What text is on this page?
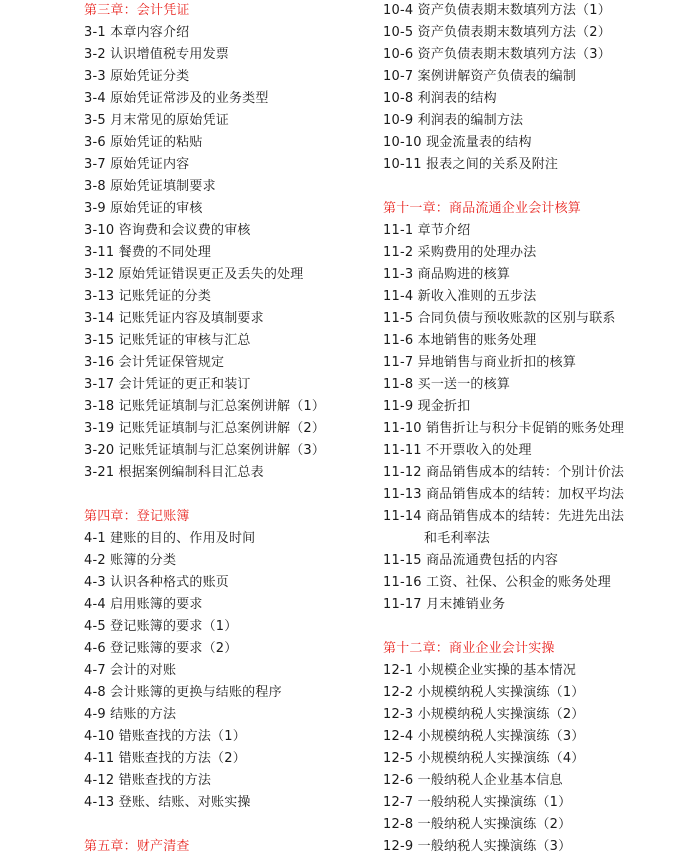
第三章：会计凭证
3-1 本章内容介绍
3-2 认识增值税专用发票
3-3 原始凭证分类
3-4 原始凭证常涉及的业务类型
3-5 月末常见的原始凭证
3-6 原始凭证的粘贴
3-7 原始凭证内容
3-8 原始凭证填制要求
3-9 原始凭证的审核
3-10 咨询费和会议费的审核
3-11 餐费的不同处理
3-12 原始凭证错误更正及丢失的处理
3-13 记账凭证的分类
3-14 记账凭证内容及填制要求
3-15 记账凭证的审核与汇总
3-16 会计凭证保管规定
3-17 会计凭证的更正和装订
3-18 记账凭证填制与汇总案例讲解（1）
3-19 记账凭证填制与汇总案例讲解（2）
3-20 记账凭证填制与汇总案例讲解（3）
3-21 根据案例编制科目汇总表
第四章：登记账簿
4-1 建账的目的、作用及时间
4-2 账簿的分类
4-3 认识各种格式的账页
4-4 启用账簿的要求
4-5 登记账簿的要求（1）
4-6 登记账簿的要求（2）
4-7 会计的对账
4-8 会计账簿的更换与结账的程序
4-9 结账的方法
4-10 错账查找的方法（1）
4-11 错账查找的方法（2）
4-12 错账查找的方法
4-13 登账、结账、对账实操
第五章：财产清查
10-4 资产负债表期末数填列方法（1）
10-5 资产负债表期末数填列方法（2）
10-6 资产负债表期末数填列方法（3）
10-7 案例讲解资产负债表的编制
10-8 利润表的结构
10-9 利润表的编制方法
10-10 现金流量表的结构
10-11 报表之间的关系及附注
第十一章：商品流通企业会计核算
11-1 章节介绍
11-2 采购费用的处理办法
11-3 商品购进的核算
11-4 新收入准则的五步法
11-5 合同负债与预收账款的区别与联系
11-6 本地销售的账务处理
11-7 异地销售与商业折扣的核算
11-8 买一送一的核算
11-9 现金折扣
11-10 销售折让与积分卡促销的账务处理
11-11 不开票收入的处理
11-12 商品销售成本的结转：个别计价法
11-13 商品销售成本的结转：加权平均法
11-14 商品销售成本的结转：先进先出法
和毛利率法
11-15 商品流通费包括的内容
11-16 工资、社保、公积金的账务处理
11-17 月末摊销业务
第十二章：商业企业会计实操
12-1 小规模企业实操的基本情况
12-2 小规模纳税人实操演练（1）
12-3 小规模纳税人实操演练（2）
12-4 小规模纳税人实操演练（3）
12-5 小规模纳税人实操演练（4）
12-6 一般纳税人企业基本信息
12-7 一般纳税人实操演练（1）
12-8 一般纳税人实操演练（2）
12-9 一般纳税人实操演练（3）
